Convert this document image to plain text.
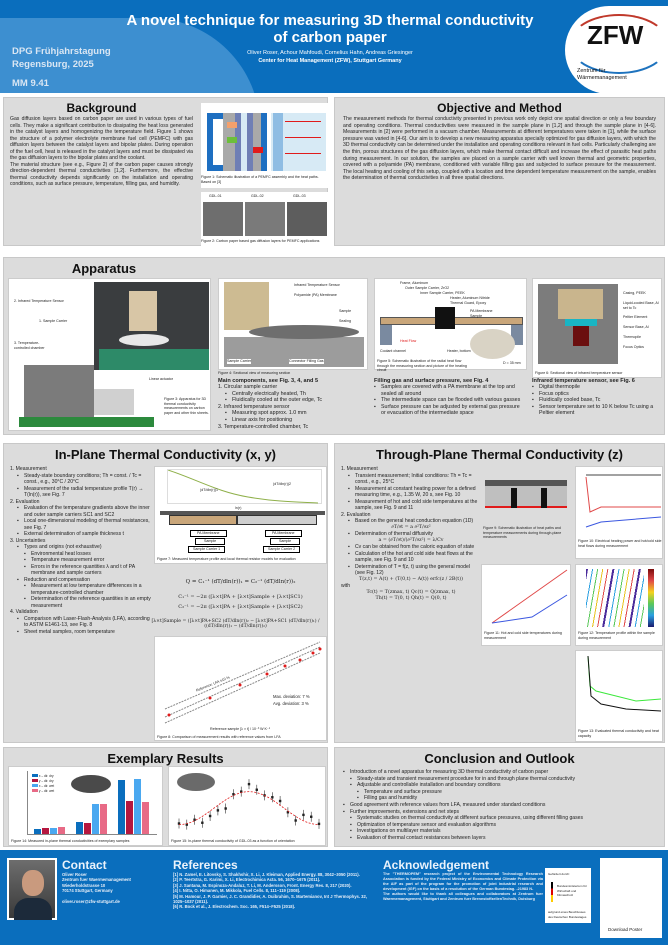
DPG Frühjahrstagung
Regensburg, 2025
MM 9.41
A novel technique for measuring 3D thermal conductivity
of carbon paper
Oliver Roser, Achour Mahfoudi, Cornelius Hahn, Andreas Griesinger
Center for Heat Management (ZFW), Stuttgart Germany
ZFW
Zentrum für
Wärmemanagement
Background

Gas diffusion layers based on carbon paper are used in various types of fuel cells. They make a significant contribution to dissipating the heat loss generated in the catalyst layers and homogenizing the temperature field. Figure 1 shows the structure of a polymer electrolyte membrane fuel cell (PEMFC) with gas diffusion layers between the catalyst layers and bipolar plates. During operation of the fuel cell, heat is released in the catalyst layers and must be dissipated via the gas diffusion layers to the bipolar plates and the coolant.

The material structure (see e.g., Figure 2) of the carbon paper causes strongly direction-dependent thermal conductivities [1,2]. Furthermore, the effective thermal conductivity depends significantly on the installation and operating conditions, such as surface pressure, temperature, filling gas, and humidity.

Figure 1: Schematic illustration of a PEMFC assembly and the heat paths. Based on [3]
GDL-01	GDL-02	GDL-03
Figure 2: Carbon paper based gas diffusion layers for PEMFC applications
Objective and Method

The measurement methods for thermal conductivity presented in previous work only depict one spatial direction or only a few boundary and operating conditions. Thermal conductivities were measured in the sample plane in [1,2] and through the sample plane in [4-6]. Measurements in [2] were performed in a vacuum chamber. Measurements at different temperatures were taken in [1], while the surface pressure was varied in [4-6]. Our aim is to develop a new measuring apparatus specially optimized for gas diffusion layers, with which the 3D thermal conductivity can be determined under the installation and operating conditions relevant in fuel cells. Particularly challenging are the thin, porous structures of the gas diffusion layers, which make thermal contact difficult and increase the effect of parasitic heat paths during measurement. In our solution, the samples are placed on a sample carrier with well known thermal and geometric properties, covered with a polyamide (PA) membrane, conditioned with variable filling gas and subjected to surface pressure for the measurement. The local heating and cooling of this setup, coupled with a location and time dependent temperature measurement on the sample, enables the determination of thermal conductivities in all three spatial directions.

Apparatus
2. Infrared Temperature Sensor
1. Sample Carrier
3. Temperature-controlled chamber
Linear actuator
Figure 3: Apparatus for 3D thermal conductivity measurements on carbon paper and other thin sheets.
Infrared Temperature Sensor
Polyamide (PA) Membrane
Sample
Sealing
Sample Carrier	Connector Filling Gas
Figure 4: Sectional view of measuring section
Frame, Aluminum
Outer Sample Carrier, ZrO2
Inner Sample Carrier, PEEK
Heater, Aluminum Nitride
Thermal Guard, Epoxy
PA Membrane
Sample
Heat Flow
Coolant channel	Heater, bottom
D = 35 mm
Figure 5: Schematic illustration of the radial heat flow through the measuring section and picture of the heating circuit
Casing, PEEK
Liquid-cooled Base, Al set to Tc
Peltier Element
Sensor Base, Al
Thermopile
Focus Optics
Figure 6: Sectional view of infrared temperature sensor
Main components, see Fig. 3, 4, and 5
1. Circular sample carrier
▪ Centrally electrically heated, Th
▪ Fluidically cooled at the outer edge, Tc
2. Infrared temperature sensor
▪ Measuring spot approx. 1.0 mm
▪ Linear axis for positioning
3. Temperature-controlled chamber, Tc
Filling gas and surface pressure, see Fig. 4
▪ Samples are covered with a PA membrane at the top and sealed all around
▪ The intermediate space can be flooded with various gasses
▪ Surface pressure can be adjusted by external gas pressure or evacuation of the intermediate space
Infrared temperature sensor, see Fig. 6
▪ Digital thermopile
▪ Focus optics
▪ Fluidically cooled base, Tc
▪ Sensor temperature set to 10 K below Tc using a Peltier element
In-Plane Thermal Conductivity (x, y)
1. Measurement
▪ Steady-state boundary conditions; Th = const. / Tc = const., e.g., 30°C / 20°C
▪ Measurement of the radial temperature profile T(r) → T(ln(r)), see Fig. 7
2. Evaluation
▪ Evaluation of the temperature gradients above the inner and outer sample carriers SC1 and SC2
▪ Local one-dimensional modeling of thermal resistances, see Fig. 7
▪ External determination of sample thickness t
3. Uncertainties
▪ Types and origins (not exhaustive)
▪ Environmental heat losses
▪ Temperature measurement error
▪ Errors in the reference quantities λ and t of PA membrane and sample carriers
▪ Reduction and compensation
▪ Measurement at low temperature differences in a temperature-controlled chamber
▪ Determination of the reference quantities in an empty measurement
4. Validation
▪ Comparison with Laser-Flash-Analysis (LFA), according to ASTM E1461-13, see Fig. 8
▪ Sheet metal samples, room temperature
(dT/dln(r))1
(dT/dln(r))2
ln(r)
PA Membrane
Sample
Sample Carrier 1
PA Membrane
Sample
Sample Carrier 2
Figure 7: Measured temperature profile and local thermal resistor models for evaluation
Q = C₁⁻¹ (dT/dln(r))₁ = C₂⁻¹ (dT/dln(r))₂
C₁⁻¹ = −2π ([λ×t]PA + [λ×t]Sample + [λ×t]SC1)
C₂⁻¹ = −2π ([λ×t]PA + [λ×t]Sample + [λ×t]SC2)
[λ×t]Sample = ([λ×t]PA+SC2 (dT/dln(r))₂ − [λ×t]PA+SC1 (dT/dln(r))₁) / ((dT/dln(r))₁ − (dT/dln(r))₂)
Reference: LFA ±10 %
Max. deviation: 7 %
Avg. deviation: 3 %
Reference sample [λ × t] / 10⁻³ W K⁻¹
Figure 8: Comparison of measurement results with reference values from LFA
Through-Plane Thermal Conductivity (z)
1. Measurement
▪ Transient measurement; Initial conditions: Th = Tc = const., e.g., 25°C
▪ Measurement at constant heating power for a defined measuring time, e.g., 1.35 W, 20 s, see Fig. 10
▪ Measurement of hot and cold side temperatures at the sample, see Fig. 9 and 11
2. Evaluation
▪ Based on the general heat conduction equation (1D)
∂T/∂t = a ∂²T/∂z²
▪ Determination of thermal diffusivity
a = (∂T/∂t)/(∂²T/∂z²) = λ/Cv
▪ Cv can be obtained from the caloric equation of state
▪ Calculation of the hot and cold side heat flows at the sample, see Fig. 9 and 10
▪ Determination of T = f(z, t) using the general model (see Fig. 12)
T(z,t) = A(t) + (T(0,t) − A(t)) erfc(z / 2B(t))
with
Tc(t) = T(zmax, t) Qc(t) = Q(zmax, t)
Th(t) = T(0, t) Qh(t) = Q(0, t)
Figure 9: Schematic illustration of heat paths and temperature measurements during through-plane measurements
Figure 10: Electrical heating power and hot/cold side heat flows during measurement
Figure 11: Hot and cold side temperatures during measurement
Figure 12: Temperature profile within the sample during measurement
Figure 13: Evaluated thermal conductivity and heat capacity
Exemplary Results
x – dir. dry
y – dir. dry
x – dir. wet
y – dir. wet
Figure 14: Measured in-plane thermal conductivities of exemplary samples	Figure 15: In-plane thermal conductivity of GDL-03 as a function of orientation
Conclusion and Outlook
▪ Introduction of a novel apparatus for measuring 3D thermal conductivity of carbon paper
▪ Steady-state and transient measurement procedure for in and through plane thermal conductivity
▪ Adjustable and controllable installation and boundary conditions
▪ Temperature and surface pressure
▪ Filling gas and humidity
▪ Good agreement with reference values from LFA, measured under standard conditions
▪ Further improvements, extensions and net steps
▪ Systematic studies on thermal conductivity at different surface pressures, using different filling gases
▪ Optimization of temperature sensor and evaluation algorithms
▪ Investigations on multilayer materials
▪ Evaluation of thermal contact resistances between layers
Contact
Oliver Roser
Zentrum fuer Waermemanagement
Wiederholdstrasse 10
70174 Stuttgart, Germany
oliver.roser@zfw-stuttgart.de
References
[1] N. Zamel, E. Litovsky, S. Shakhshir, X. Li, J. Kleiman, Applied Energy. 88, 3042–3050 (2011).
[2] P. Teertstra, G. Karimi, X. Li, Electrochimica Acta. 56, 1670–1675 (2011).
[3] J. Santana, M. Espinoza-Andaluz, T. Li, M. Andersson, Front. Energy Res. 8, 217 (2020).
[4] I. Nitta, O. Himanen, M. Mikkola, Fuel Cells. 8, 111–119 (2008).
[5] M. Hamour, J. P. Garnier, J. C. Grandidier, A. Ouibrahim, S. Martemianov, Int J Thermophys. 32, 1025–1037 (2011).
[6] R. Bock et al., J. Electrochem. Soc. 165, F514–F525 (2018).
Acknowledgement

The "THERMOPEM" research project of the Environmental Technology Research Association is funded by the Federal Ministry of Economics and Climate Protection via the AIF as part of the program for the promotion of joint industrial research and development (IGF) on the basis of a resolution of the German Bundestag. -21983 N-

The authors would like to thank all colleagues and collaborators at Zentrum fuer Waermemanagement, Stuttgart and Zentrum fuer BrennstoffzellenTechnik, Duisburg

Gefördert durch:
Bundesministerium für Wirtschaft und Klimaschutz
aufgrund eines Beschlusses des Deutschen Bundestages
Download Poster
